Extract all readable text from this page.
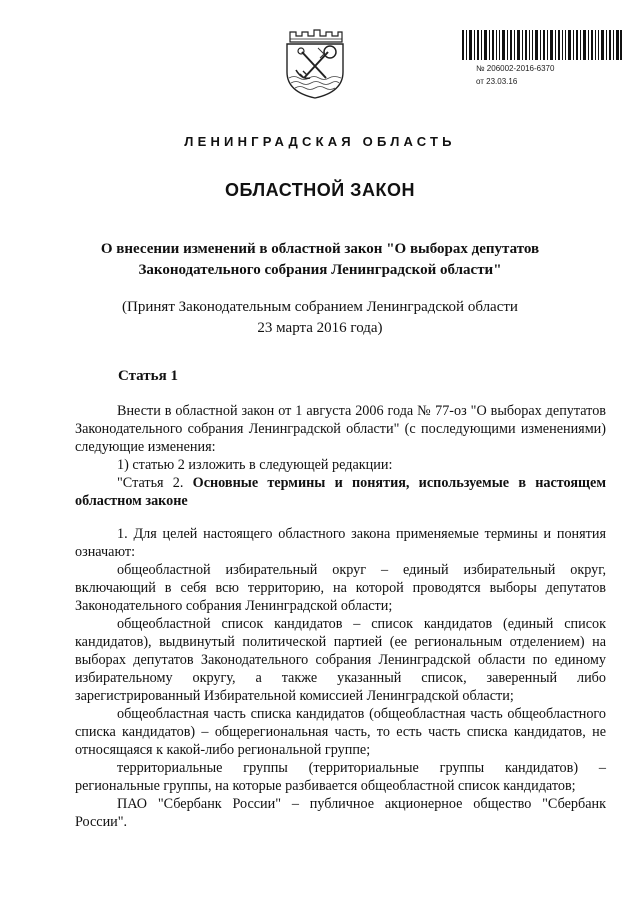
№ 206002-2016-6370
от 23.03.16
ЛЕНИНГРАДСКАЯ ОБЛАСТЬ
ОБЛАСТНОЙ ЗАКОН
О внесении изменений в областной закон "О выборах депутатов
Законодательного собрания Ленинградской области"
(Принят Законодательным собранием Ленинградской области
23 марта 2016 года)
Статья 1

Внести в областной закон от 1 августа 2006 года № 77-оз "О выборах депутатов Законодательного собрания Ленинградской области" (с последующими изменениями) следующие изменения:

1) статью 2 изложить в следующей редакции:

"Статья 2. Основные термины и понятия, используемые в настоящем областном законе

1. Для целей настоящего областного закона применяемые термины и понятия означают:

общеобластной избирательный округ – единый избирательный округ, включающий в себя всю территорию, на которой проводятся выборы депутатов Законодательного собрания Ленинградской области;

общеобластной список кандидатов – список кандидатов (единый список кандидатов), выдвинутый политической партией (ее региональным отделением) на выборах депутатов Законодательного собрания Ленинградской области по единому избирательному округу, а также указанный список, заверенный либо зарегистрированный Избирательной комиссией Ленинградской области;

общеобластная часть списка кандидатов (общеобластная часть общеобластного списка кандидатов) – общерегиональная часть, то есть часть списка кандидатов, не относящаяся к какой-либо региональной группе;

территориальные группы (территориальные группы кандидатов) – региональные группы, на которые разбивается общеобластной список кандидатов;

ПАО "Сбербанк России" – публичное акционерное общество "Сбербанк России".
